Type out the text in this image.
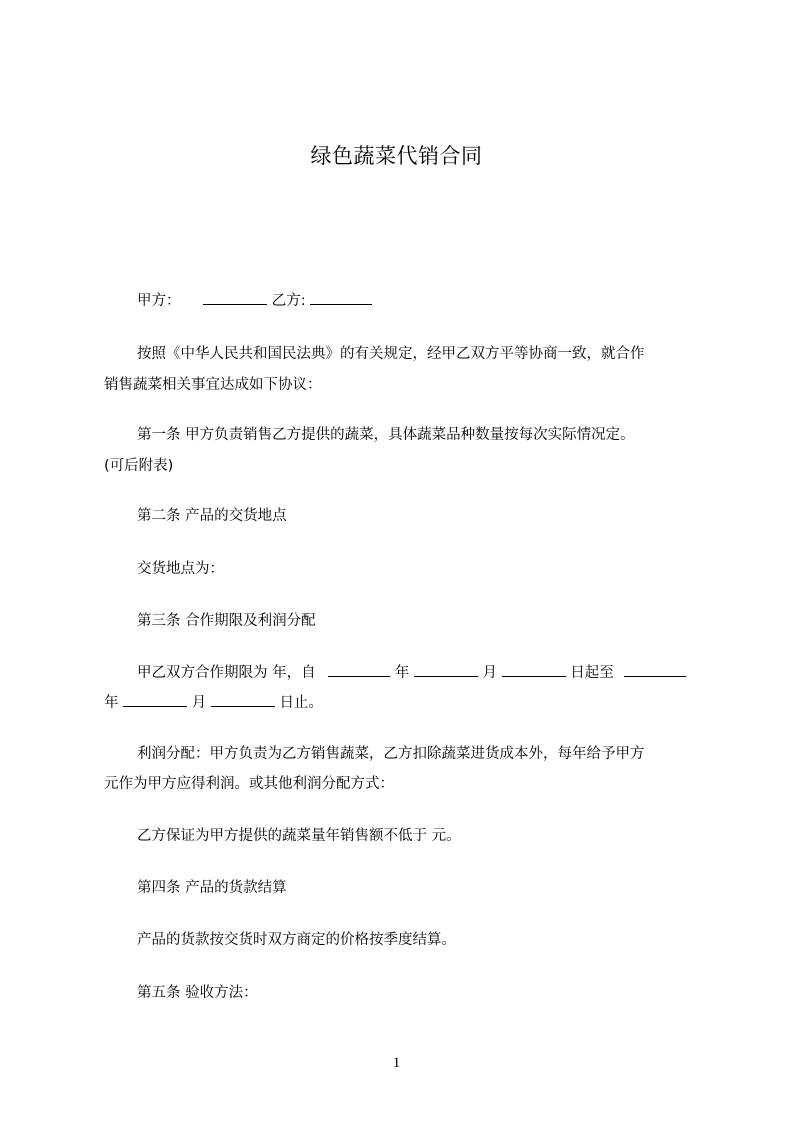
绿色蔬菜代销合同
甲方：	乙方:
按照《中华人民共和国民法典》的有关规定，经甲乙双方平等协商一致，就合作
销售蔬菜相关事宜达成如下协议：
第一条 甲方负责销售乙方提供的蔬菜，具体蔬菜品种数量按每次实际情况定。
(可后附表)
第二条 产品的交货地点
交货地点为：
第三条 合作期限及利润分配
甲乙双方合作期限为 年，自	年	月	日起至
年	月	日止。
利润分配：甲方负责为乙方销售蔬菜，乙方扣除蔬菜进货成本外，每年给予甲方
元作为甲方应得利润。或其他利润分配方式：
乙方保证为甲方提供的蔬菜量年销售额不低于 元。
第四条 产品的货款结算
产品的货款按交货时双方商定的价格按季度结算。
第五条 验收方法：
1
